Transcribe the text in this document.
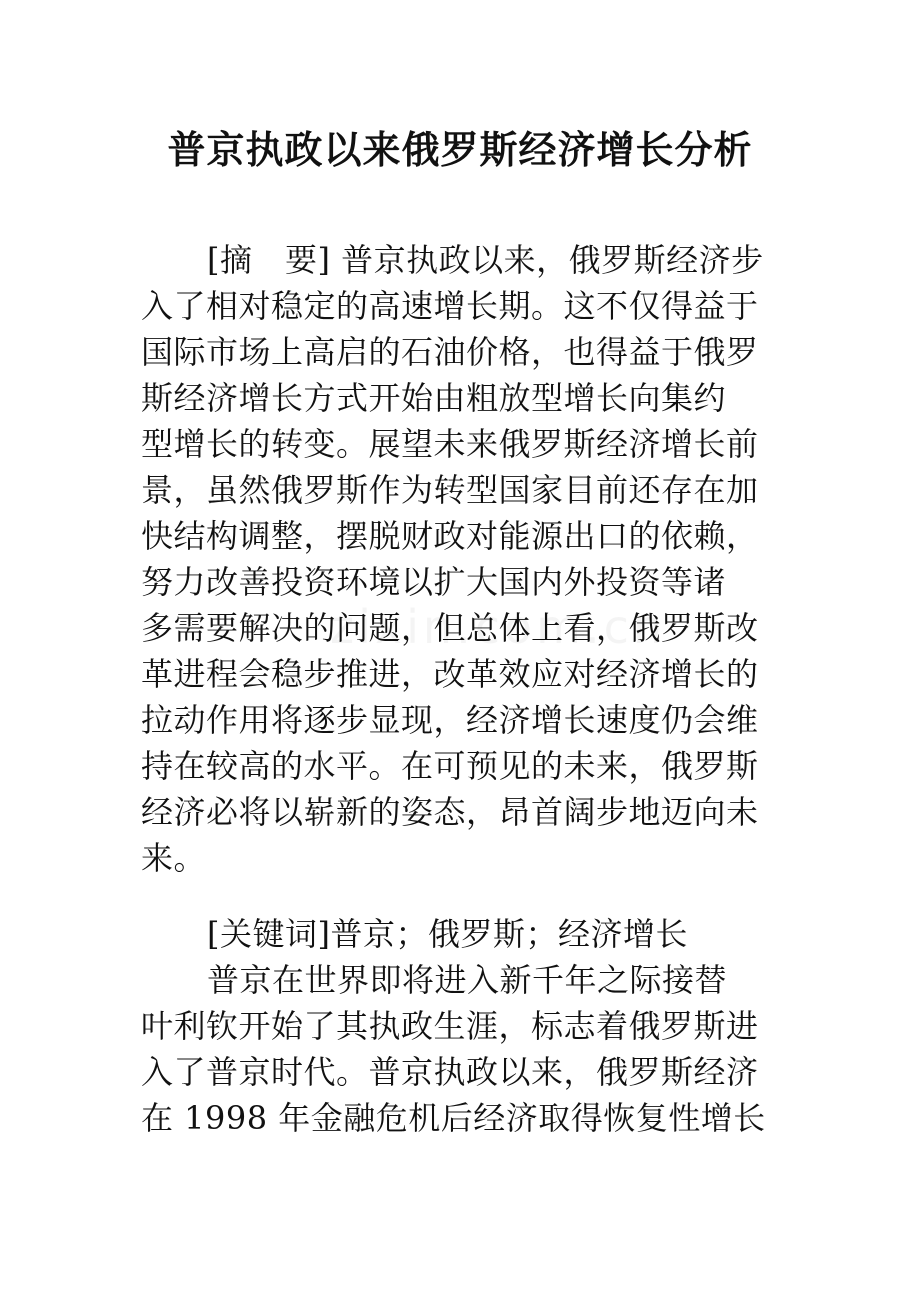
普京执政以来俄罗斯经济增长分析
[摘　要] 普京执政以来，俄罗斯经济步
入了相对稳定的高速增长期。这不仅得益于
国际市场上高启的石油价格，也得益于俄罗
斯经济增长方式开始由粗放型增长向集约
型增长的转变。展望未来俄罗斯经济增长前
景，虽然俄罗斯作为转型国家目前还存在加
快结构调整，摆脱财政对能源出口的依赖，
努力改善投资环境以扩大国内外投资等诸
多需要解决的问题，但总体上看，俄罗斯改
革进程会稳步推进，改革效应对经济增长的
拉动作用将逐步显现，经济增长速度仍会维
持在较高的水平。在可预见的未来，俄罗斯
经济必将以崭新的姿态，昂首阔步地迈向未
来。
[关键词]普京；俄罗斯；经济增长
普京在世界即将进入新千年之际接替
叶利钦开始了其执政生涯，标志着俄罗斯进
入了普京时代。普京执政以来，俄罗斯经济
在 1998 年金融危机后经济取得恢复性增长
